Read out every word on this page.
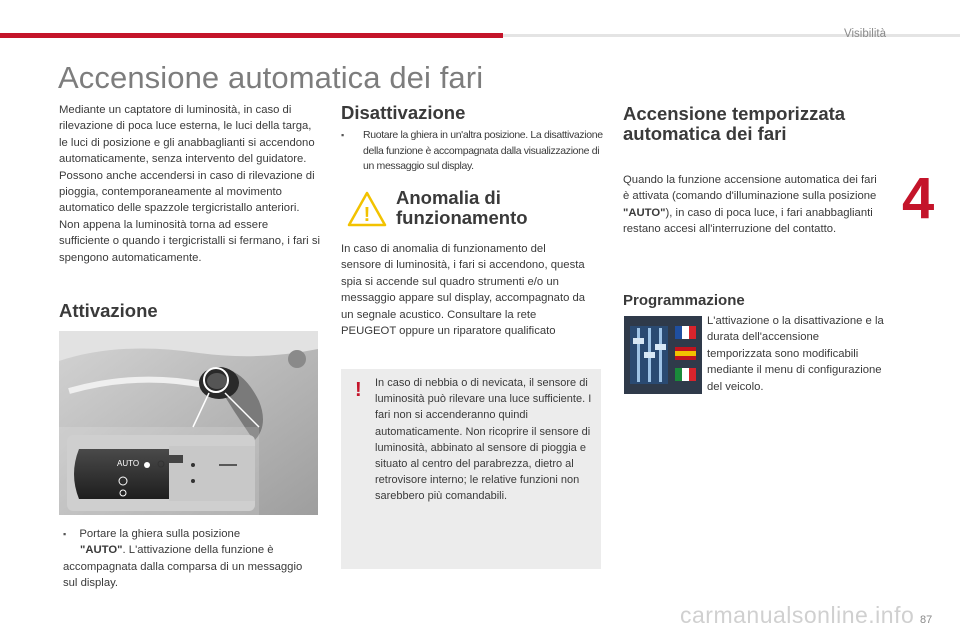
Visibilità
4
Accensione automatica dei fari

Mediante un captatore di luminosità, in caso di rilevazione di poca luce esterna, le luci della targa, le luci di posizione e gli anabbaglianti si accendono automaticamente, senza intervento del guidatore. Possono anche accendersi in caso di rilevazione di pioggia, contemporaneamente al movimento automatico delle spazzole tergicristallo anteriori.

Non appena la luminosità torna ad essere sufficiente o quando i tergicristalli si fermano, i fari si spengono automaticamente.

Attivazione
AUTO
▪ Portare la ghiera sulla posizione
"AUTO". L'attivazione della funzione è accompagnata dalla comparsa di un messaggio sul display.
Disattivazione
▪	Ruotare la ghiera in un'altra posizione. La disattivazione della funzione è accompagnata dalla visualizzazione di un messaggio sul display.
!
Anomalia di
funzionamento
In caso di anomalia di funzionamento del sensore di luminosità, i fari si accendono, questa spia si accende sul quadro strumenti e/o un messaggio appare sul display, accompagnato da un segnale acustico. Consultare la rete PEUGEOT oppure un riparatore qualificato
! In caso di nebbia o di nevicata, il sensore di luminosità può rilevare una luce sufficiente. I fari non si accenderanno quindi automaticamente. Non ricoprire il sensore di luminosità, abbinato al sensore di pioggia e situato al centro del parabrezza, dietro al retrovisore interno; le relative funzioni non sarebbero più comandabili.
Accensione temporizzata
automatica dei fari
Quando la funzione accensione automatica dei fari è attivata (comando d'illuminazione sulla posizione "AUTO"), in caso di poca luce, i fari anabbaglianti restano accesi all'interruzione del contatto.
Programmazione
L'attivazione o la disattivazione e la durata dell'accensione temporizzata sono modificabili mediante il menu di configurazione del veicolo.
carmanualsonline.info 87
